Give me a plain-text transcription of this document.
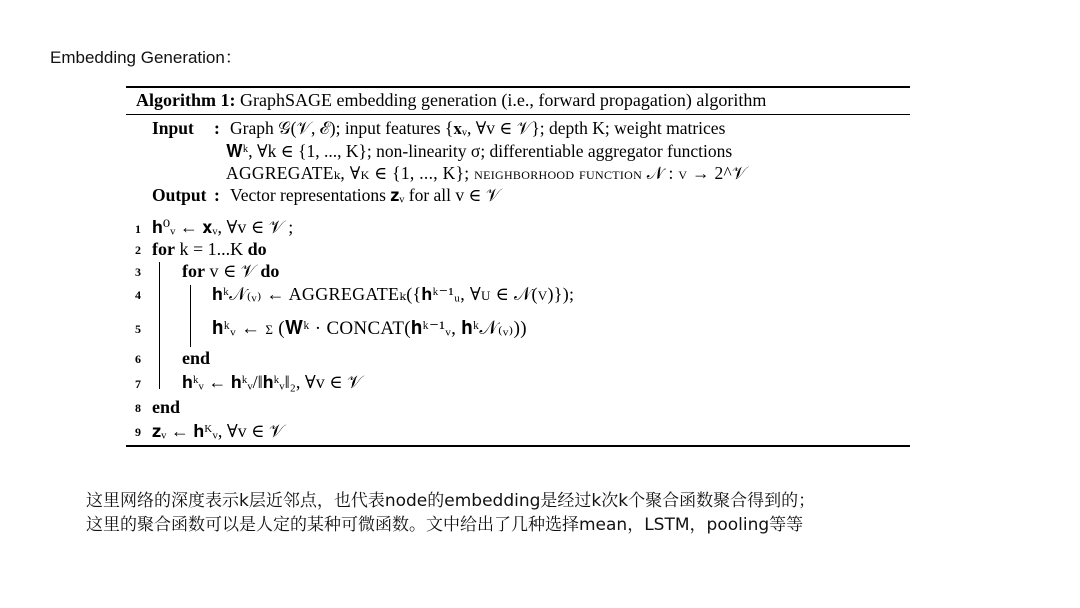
Embedding Generation：
Algorithm 1: GraphSAGE embedding generation (i.e., forward propagation) algorithm
Input : Graph 𝒢(𝒱, ℰ); input features {𝐱ᵥ, ∀v ∈ 𝒱}; depth K; weight matrices
𝐖ᵏ, ∀k ∈ {1, ..., K}; non-linearity σ; differentiable aggregator functions
AGGREGATEₖ, ∀k ∈ {1, ..., K}; neighborhood function 𝒩 : v → 2^𝒱
Output : Vector representations 𝐳ᵥ for all v ∈ 𝒱
1
2
3
4
5
6
7
8
9
𝐡⁰ᵥ ← 𝐱ᵥ, ∀v ∈ 𝒱 ;
for k = 1...K do
for v ∈ 𝒱 do
𝐡ᵏ𝒩₍ᵥ₎ ← AGGREGATEₖ({𝐡ᵏ⁻¹ᵤ, ∀u ∈ 𝒩(v)});
𝐡ᵏᵥ ← σ (𝐖ᵏ · CONCAT(𝐡ᵏ⁻¹ᵥ, 𝐡ᵏ𝒩₍ᵥ₎))
end
𝐡ᵏᵥ ← 𝐡ᵏᵥ/‖𝐡ᵏᵥ‖₂, ∀v ∈ 𝒱
end
𝐳ᵥ ← 𝐡ᴷᵥ, ∀v ∈ 𝒱
这里网络的深度表示k层近邻点，也代表node的embedding是经过k次k个聚合函数聚合得到的；
这里的聚合函数可以是人定的某种可微函数。文中给出了几种选择mean，LSTM，pooling等等
